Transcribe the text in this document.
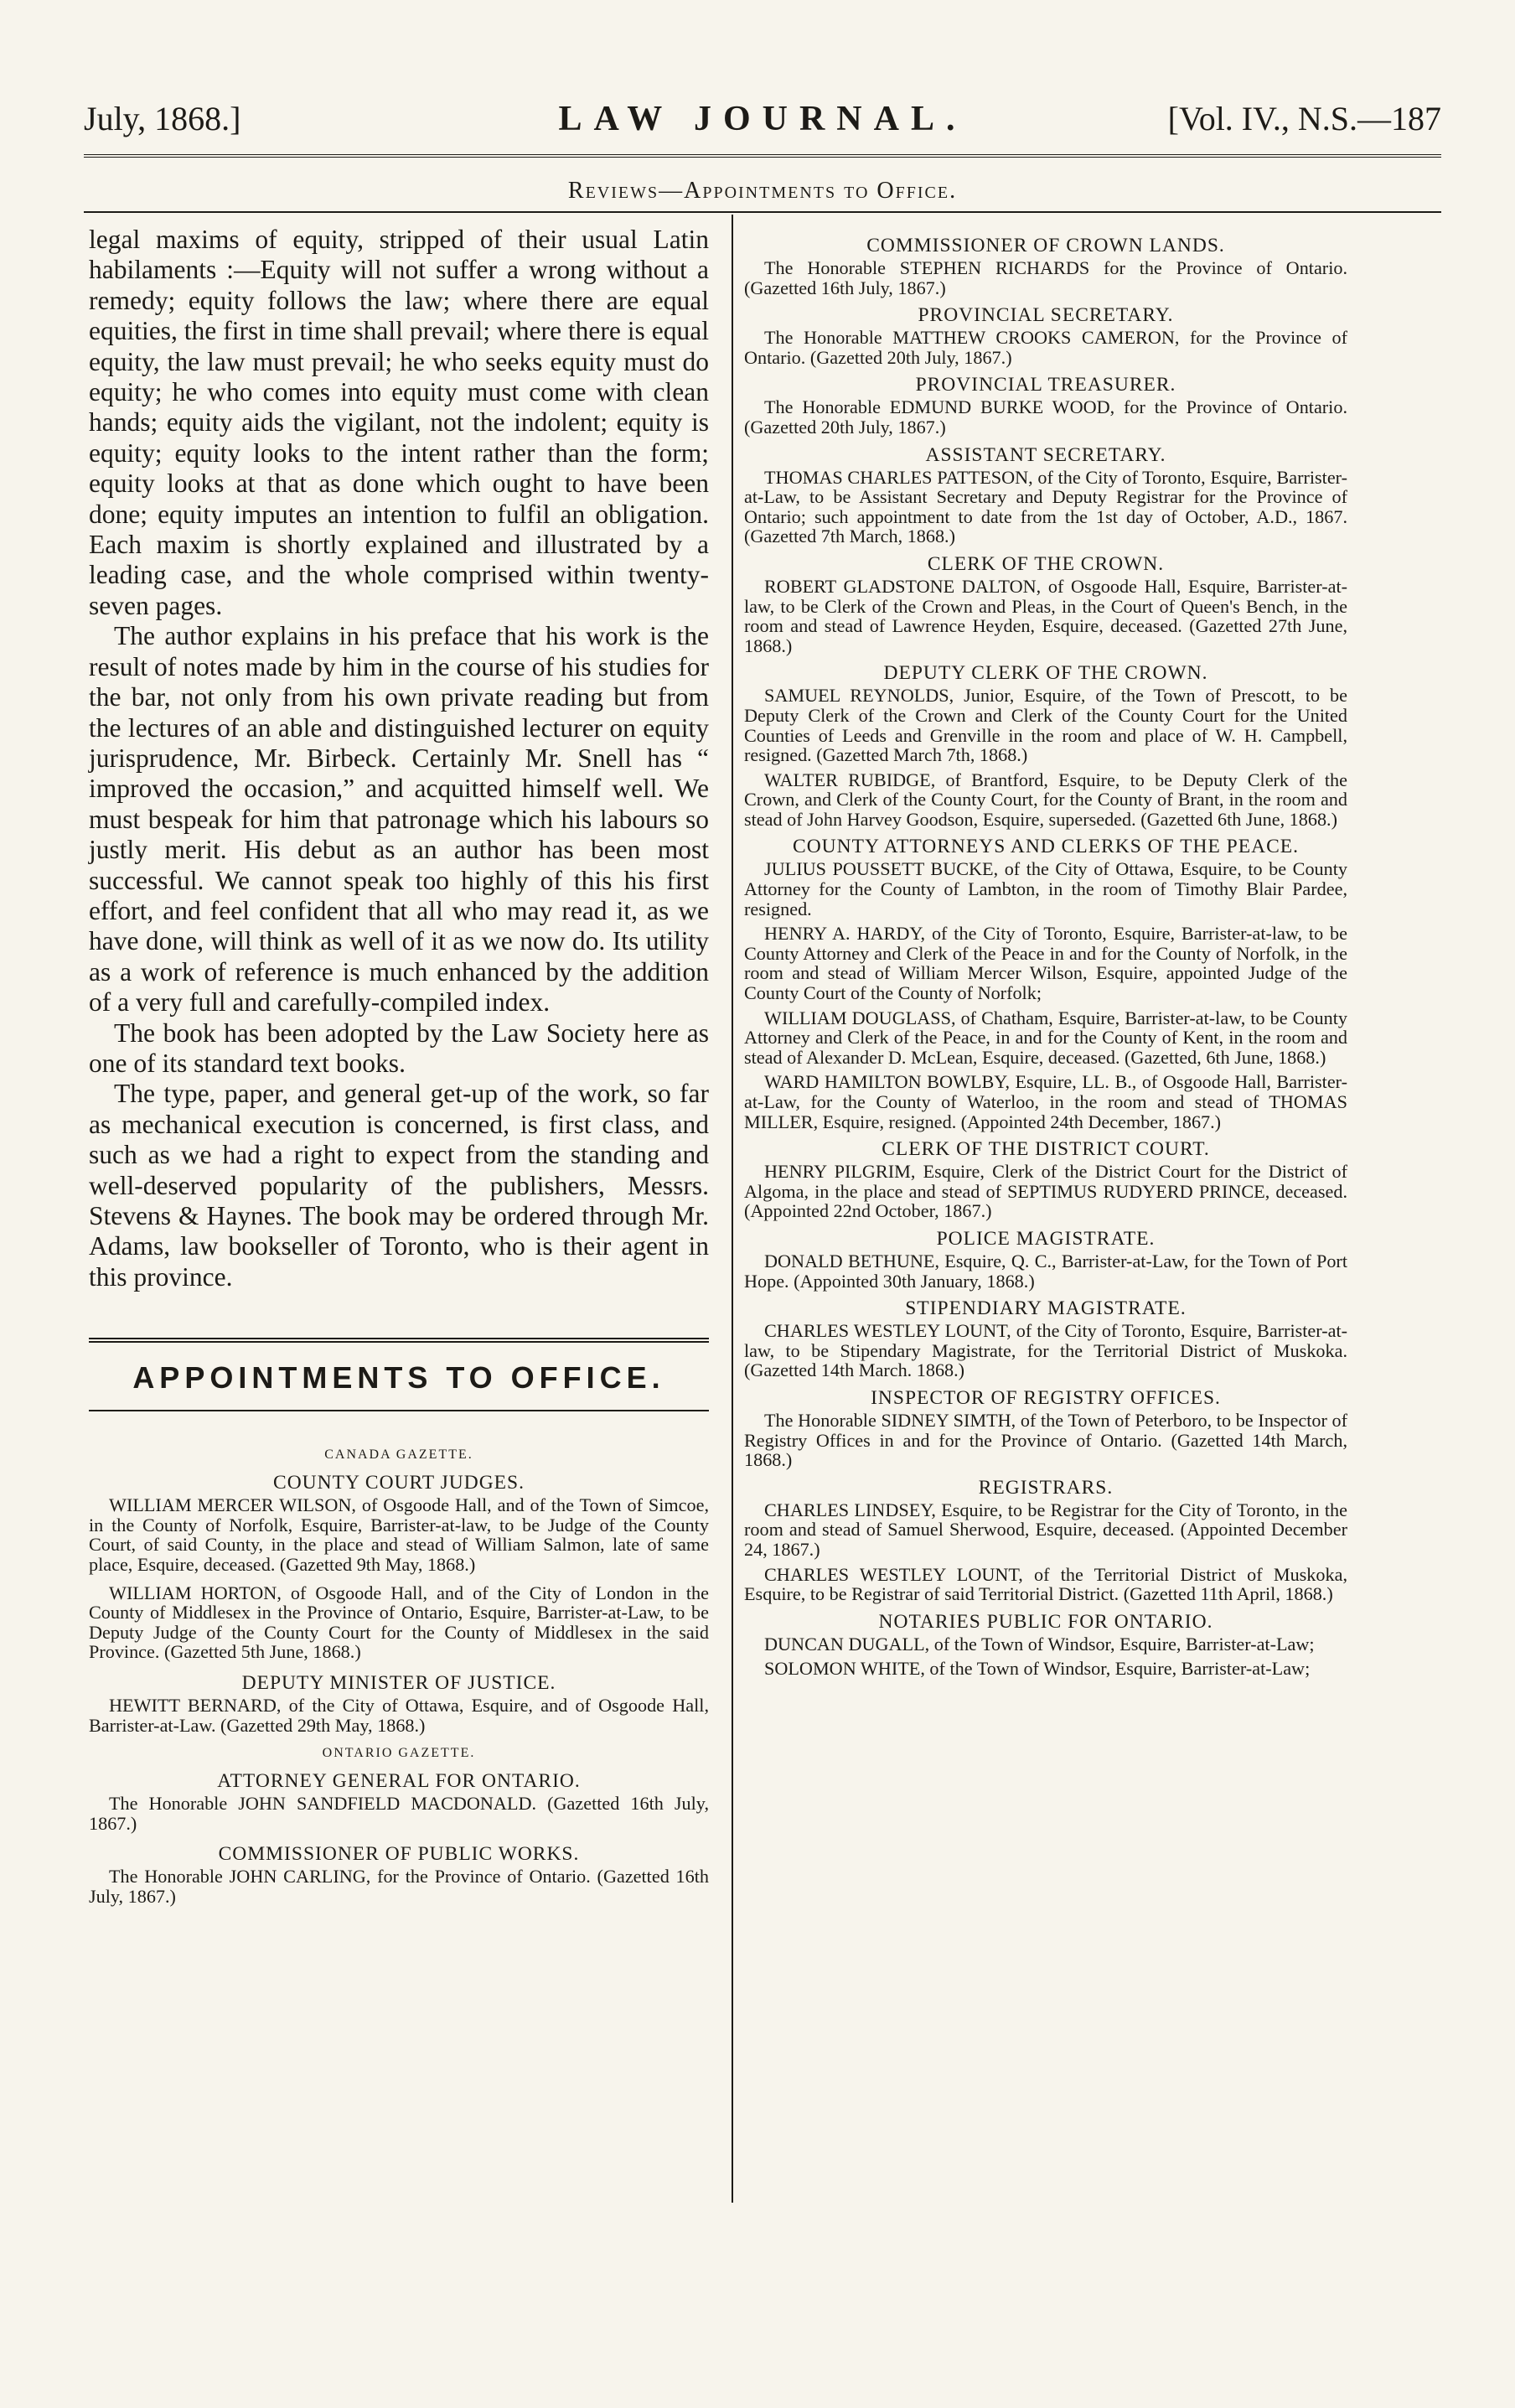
LAW JOURNAL.
July, 1868.]	[Vol. IV., N.S.—187
Reviews—Appointments to Office.

legal maxims of equity, stripped of their usual Latin habilaments :—Equity will not suffer a wrong without a remedy; equity follows the law; where there are equal equities, the first in time shall prevail; where there is equal equity, the law must prevail; he who seeks equity must do equity; he who comes into equity must come with clean hands; equity aids the vigilant, not the indolent; equity is equity; equity looks to the intent rather than the form; equity looks at that as done which ought to have been done; equity imputes an intention to fulfil an obligation. Each maxim is shortly explained and illustrated by a leading case, and the whole comprised within twenty-seven pages.

The author explains in his preface that his work is the result of notes made by him in the course of his studies for the bar, not only from his own private reading but from the lectures of an able and distinguished lecturer on equity jurisprudence, Mr. Birbeck. Certainly Mr. Snell has “ improved the occasion,” and acquitted himself well. We must bespeak for him that patronage which his labours so justly merit. His debut as an author has been most successful. We cannot speak too highly of this his first effort, and feel confident that all who may read it, as we have done, will think as well of it as we now do. Its utility as a work of reference is much enhanced by the addition of a very full and carefully-compiled index.

The book has been adopted by the Law Society here as one of its standard text books.

The type, paper, and general get-up of the work, so far as mechanical execution is concerned, is first class, and such as we had a right to expect from the standing and well-deserved popularity of the publishers, Messrs. Stevens & Haynes. The book may be ordered through Mr. Adams, law bookseller of Toronto, who is their agent in this province.

APPOINTMENTS TO OFFICE.
CANADA GAZETTE.
COUNTY COURT JUDGES.

WILLIAM MERCER WILSON, of Osgoode Hall, and of the Town of Simcoe, in the County of Norfolk, Esquire, Barrister-at-law, to be Judge of the County Court, of said County, in the place and stead of William Salmon, late of same place, Esquire, deceased. (Gazetted 9th May, 1868.)

WILLIAM HORTON, of Osgoode Hall, and of the City of London in the County of Middlesex in the Province of Ontario, Esquire, Barrister-at-Law, to be Deputy Judge of the County Court for the County of Middlesex in the said Province. (Gazetted 5th June, 1868.)

DEPUTY MINISTER OF JUSTICE.

HEWITT BERNARD, of the City of Ottawa, Esquire, and of Osgoode Hall, Barrister-at-Law. (Gazetted 29th May, 1868.)

ONTARIO GAZETTE.
ATTORNEY GENERAL FOR ONTARIO.

The Honorable JOHN SANDFIELD MACDONALD. (Gazetted 16th July, 1867.)

COMMISSIONER OF PUBLIC WORKS.

The Honorable JOHN CARLING, for the Province of Ontario. (Gazetted 16th July, 1867.)

COMMISSIONER OF CROWN LANDS.

The Honorable STEPHEN RICHARDS for the Province of Ontario. (Gazetted 16th July, 1867.)

PROVINCIAL SECRETARY.

The Honorable MATTHEW CROOKS CAMERON, for the Province of Ontario. (Gazetted 20th July, 1867.)

PROVINCIAL TREASURER.

The Honorable EDMUND BURKE WOOD, for the Province of Ontario. (Gazetted 20th July, 1867.)

ASSISTANT SECRETARY.

THOMAS CHARLES PATTESON, of the City of Toronto, Esquire, Barrister-at-Law, to be Assistant Secretary and Deputy Registrar for the Province of Ontario; such appointment to date from the 1st day of October, A.D., 1867. (Gazetted 7th March, 1868.)

CLERK OF THE CROWN.

ROBERT GLADSTONE DALTON, of Osgoode Hall, Esquire, Barrister-at-law, to be Clerk of the Crown and Pleas, in the Court of Queen's Bench, in the room and stead of Lawrence Heyden, Esquire, deceased. (Gazetted 27th June, 1868.)

DEPUTY CLERK OF THE CROWN.

SAMUEL REYNOLDS, Junior, Esquire, of the Town of Prescott, to be Deputy Clerk of the Crown and Clerk of the County Court for the United Counties of Leeds and Grenville in the room and place of W. H. Campbell, resigned. (Gazetted March 7th, 1868.)

WALTER RUBIDGE, of Brantford, Esquire, to be Deputy Clerk of the Crown, and Clerk of the County Court, for the County of Brant, in the room and stead of John Harvey Goodson, Esquire, superseded. (Gazetted 6th June, 1868.)

COUNTY ATTORNEYS AND CLERKS OF THE PEACE.

JULIUS POUSSETT BUCKE, of the City of Ottawa, Esquire, to be County Attorney for the County of Lambton, in the room of Timothy Blair Pardee, resigned.

HENRY A. HARDY, of the City of Toronto, Esquire, Barrister-at-law, to be County Attorney and Clerk of the Peace in and for the County of Norfolk, in the room and stead of William Mercer Wilson, Esquire, appointed Judge of the County Court of the County of Norfolk;

WILLIAM DOUGLASS, of Chatham, Esquire, Barrister-at-law, to be County Attorney and Clerk of the Peace, in and for the County of Kent, in the room and stead of Alexander D. McLean, Esquire, deceased. (Gazetted, 6th June, 1868.)

WARD HAMILTON BOWLBY, Esquire, LL. B., of Osgoode Hall, Barrister-at-Law, for the County of Waterloo, in the room and stead of THOMAS MILLER, Esquire, resigned. (Appointed 24th December, 1867.)

CLERK OF THE DISTRICT COURT.

HENRY PILGRIM, Esquire, Clerk of the District Court for the District of Algoma, in the place and stead of SEPTIMUS RUDYERD PRINCE, deceased. (Appointed 22nd October, 1867.)

POLICE MAGISTRATE.

DONALD BETHUNE, Esquire, Q. C., Barrister-at-Law, for the Town of Port Hope. (Appointed 30th January, 1868.)

STIPENDIARY MAGISTRATE.

CHARLES WESTLEY LOUNT, of the City of Toronto, Esquire, Barrister-at-law, to be Stipendary Magistrate, for the Territorial District of Muskoka. (Gazetted 14th March. 1868.)

INSPECTOR OF REGISTRY OFFICES.

The Honorable SIDNEY SIMTH, of the Town of Peterboro, to be Inspector of Registry Offices in and for the Province of Ontario. (Gazetted 14th March, 1868.)

REGISTRARS.

CHARLES LINDSEY, Esquire, to be Registrar for the City of Toronto, in the room and stead of Samuel Sherwood, Esquire, deceased. (Appointed December 24, 1867.)

CHARLES WESTLEY LOUNT, of the Territorial District of Muskoka, Esquire, to be Registrar of said Territorial District. (Gazetted 11th April, 1868.)

NOTARIES PUBLIC FOR ONTARIO.

DUNCAN DUGALL, of the Town of Windsor, Esquire, Barrister-at-Law;

SOLOMON WHITE, of the Town of Windsor, Esquire, Barrister-at-Law;
